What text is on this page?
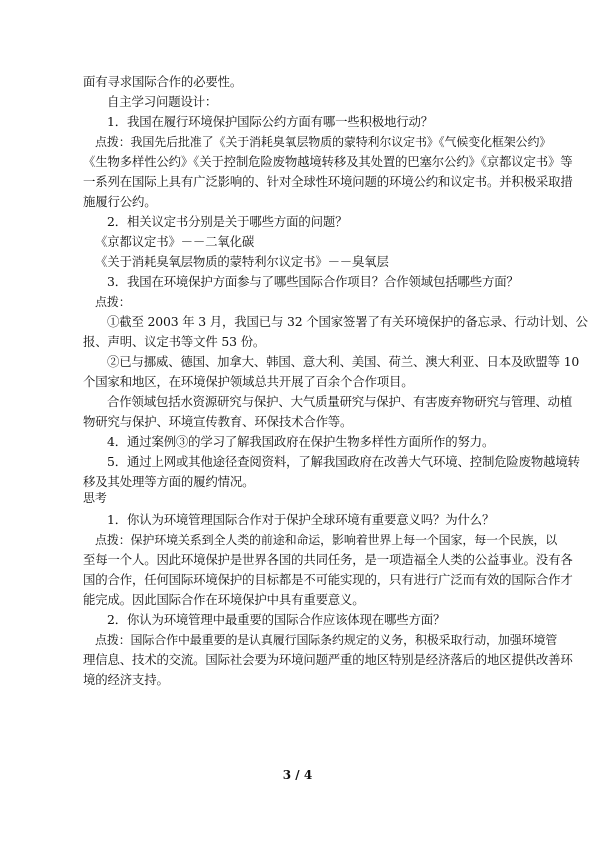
面有寻求国际合作的必要性。
自主学习问题设计：
1．我国在履行环境保护国际公约方面有哪一些积极地行动？
点拨：我国先后批准了《关于消耗臭氧层物质的蒙特利尔议定书》《气候变化框架公约》
《生物多样性公约》《关于控制危险废物越境转移及其处置的巴塞尔公约》《京都议定书》等
一系列在国际上具有广泛影响的、针对全球性环境问题的环境公约和议定书。并积极采取措
施履行公约。
2．相关议定书分别是关于哪些方面的问题？
《京都议定书》－－二氧化碳
《关于消耗臭氧层物质的蒙特利尔议定书》－－臭氧层
3．我国在环境保护方面参与了哪些国际合作项目？合作领域包括哪些方面？
点拨：
①截至 2003 年 3 月，我国已与 32 个国家签署了有关环境保护的备忘录、行动计划、公
报、声明、议定书等文件 53 份。
②已与挪威、德国、加拿大、韩国、意大利、美国、荷兰、澳大利亚、日本及欧盟等 10
个国家和地区，在环境保护领域总共开展了百余个合作项目。
合作领域包括水资源研究与保护、大气质量研究与保护、有害废弃物研究与管理、动植
物研究与保护、环境宣传教育、环保技术合作等。
4．通过案例③的学习了解我国政府在保护生物多样性方面所作的努力。
5．通过上网或其他途径查阅资料，了解我国政府在改善大气环境、控制危险废物越境转
移及其处理等方面的履约情况。
思考
1．你认为环境管理国际合作对于保护全球环境有重要意义吗？为什么？
点拨：保护环境关系到全人类的前途和命运，影响着世界上每一个国家，每一个民族，以
至每一个人。因此环境保护是世界各国的共同任务，是一项造福全人类的公益事业。没有各
国的合作，任何国际环境保护的目标都是不可能实现的，只有进行广泛而有效的国际合作才
能完成。因此国际合作在环境保护中具有重要意义。
2．你认为环境管理中最重要的国际合作应该体现在哪些方面？
点拨：国际合作中最重要的是认真履行国际条约规定的义务，积极采取行动，加强环境管
理信息、技术的交流。国际社会要为环境问题严重的地区特别是经济落后的地区提供改善环
境的经济支持。
3 / 4
